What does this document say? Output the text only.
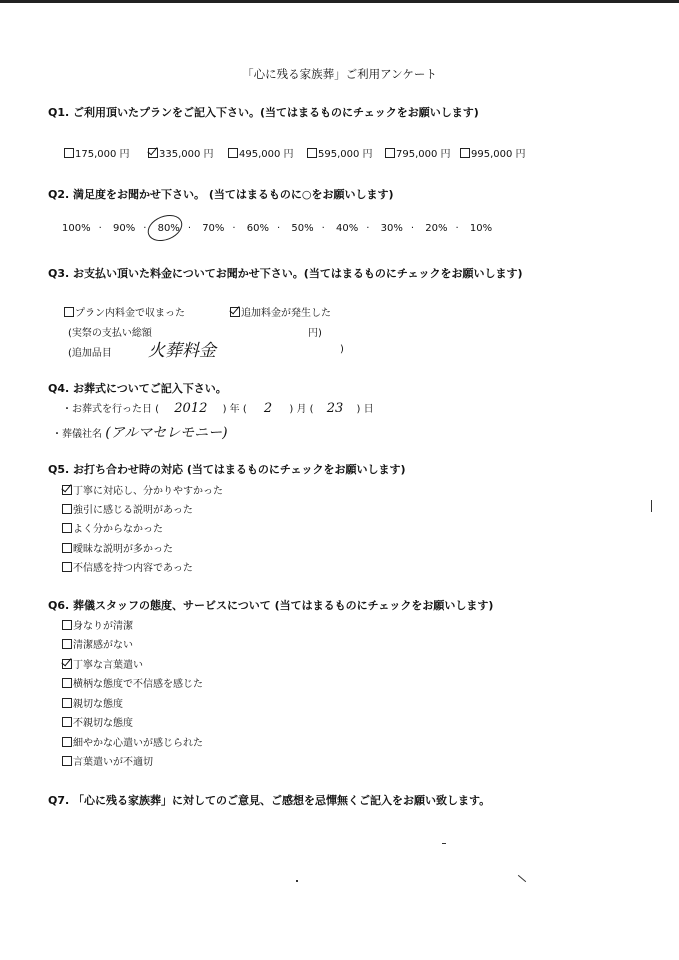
「心に残る家族葬」ご利用アンケート
Q1. ご利用頂いたプランをご記入下さい。(当てはまるものにチェックをお願いします)
175,000 円	335,000 円	495,000 円	595,000 円	795,000 円	995,000 円
Q2. 満足度をお聞かせ下さい。 (当てはまるものに○をお願いします)
100% · 90% · 80% · 70% · 60% · 50% · 40% · 30% · 20% · 10%
Q3. お支払い頂いた料金についてお聞かせ下さい。(当てはまるものにチェックをお願いします)
プラン内料金で収まった	追加料金が発生した
(実祭の支払い総額	円)
(追加品目 火葬料金	)
Q4. お葬式についてご記入下さい。
・お葬式を行った日 ( 2012 ) 年 ( 2 ) 月 ( 23 ) 日
・葬儀社名 (アルマセレモニー)
Q5. お打ち合わせ時の対応 (当てはまるものにチェックをお願いします)
丁寧に対応し、分かりやすかった
強引に感じる説明があった
よく分からなかった
曖昧な説明が多かった
不信感を持つ内容であった
Q6. 葬儀スタッフの態度、サービスについて (当てはまるものにチェックをお願いします)
身なりが清潔
清潔感がない
丁寧な言葉遣い
横柄な態度で不信感を感じた
親切な態度
不親切な態度
細やかな心遣いが感じられた
言葉遣いが不適切
Q7. 「心に残る家族葬」に対してのご意見、ご感想を忌憚無くご記入をお願い致します。
